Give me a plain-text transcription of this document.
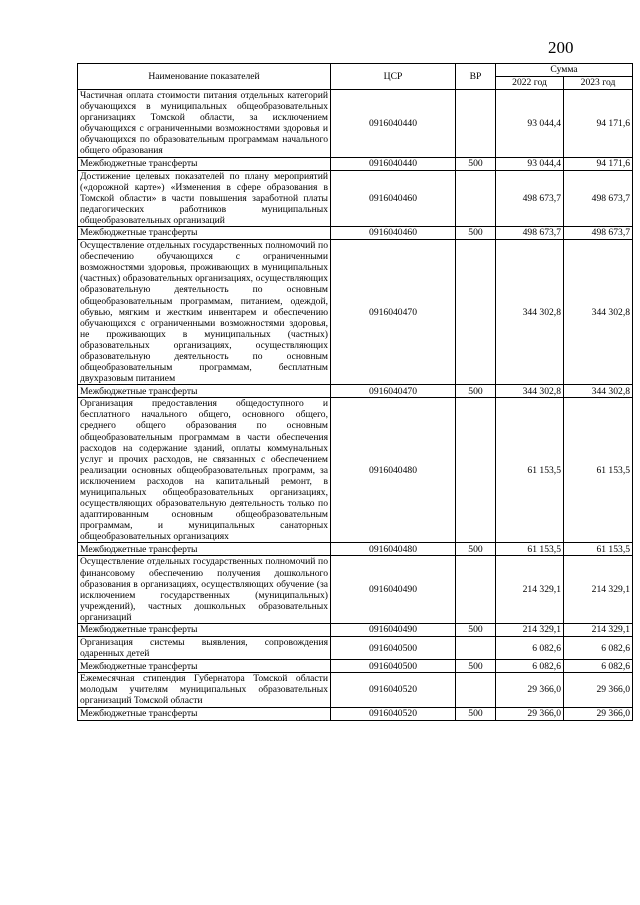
200
Наименование показателей	ЦСР	ВР	Сумма	
			2022 год	2023 год
Частичная оплата стоимости питания отдельных категорий обучающихся в муниципальных общеобразовательных организациях Томской области, за исключением обучающихся с ограниченными возможностями здоровья и обучающихся по образовательным программам начального общего образования	0916040440		93 044,4	94 171,6
Межбюджетные трансферты	0916040440	500	93 044,4	94 171,6
Достижение целевых показателей по плану мероприятий («дорожной карте») «Изменения в сфере образования в Томской области» в части повышения заработной платы педагогических работников муниципальных общеобразовательных организаций	0916040460		498 673,7	498 673,7
Межбюджетные трансферты	0916040460	500	498 673,7	498 673,7
Осуществление отдельных государственных полномочий по обеспечению обучающихся с ограниченными возможностями здоровья, проживающих в муниципальных (частных) образовательных организациях, осуществляющих образовательную деятельность по основным общеобразовательным программам, питанием, одеждой, обувью, мягким и жестким инвентарем и обеспечению обучающихся с ограниченными возможностями здоровья, не проживающих в муниципальных (частных) образовательных организациях, осуществляющих образовательную деятельность по основным общеобразовательным программам, бесплатным двухразовым питанием	0916040470		344 302,8	344 302,8
Межбюджетные трансферты	0916040470	500	344 302,8	344 302,8
Организация предоставления общедоступного и бесплатного начального общего, основного общего, среднего общего образования по основным общеобразовательным программам в части обеспечения расходов на содержание зданий, оплаты коммунальных услуг и прочих расходов, не связанных с обеспечением реализации основных общеобразовательных программ, за исключением расходов на капитальный ремонт, в муниципальных общеобразовательных организациях, осуществляющих образовательную деятельность только по адаптированным основным общеобразовательным программам, и муниципальных санаторных общеобразовательных организациях	0916040480		61 153,5	61 153,5
Межбюджетные трансферты	0916040480	500	61 153,5	61 153,5
Осуществление отдельных государственных полномочий по финансовому обеспечению получения дошкольного образования в организациях, осуществляющих обучение (за исключением государственных (муниципальных) учреждений), частных дошкольных образовательных организаций	0916040490		214 329,1	214 329,1
Межбюджетные трансферты	0916040490	500	214 329,1	214 329,1
Организация системы выявления, сопровождения одаренных детей	0916040500		6 082,6	6 082,6
Межбюджетные трансферты	0916040500	500	6 082,6	6 082,6
Ежемесячная стипендия Губернатора Томской области молодым учителям муниципальных образовательных организаций Томской области	0916040520		29 366,0	29 366,0
Межбюджетные трансферты	0916040520	500	29 366,0	29 366,0
